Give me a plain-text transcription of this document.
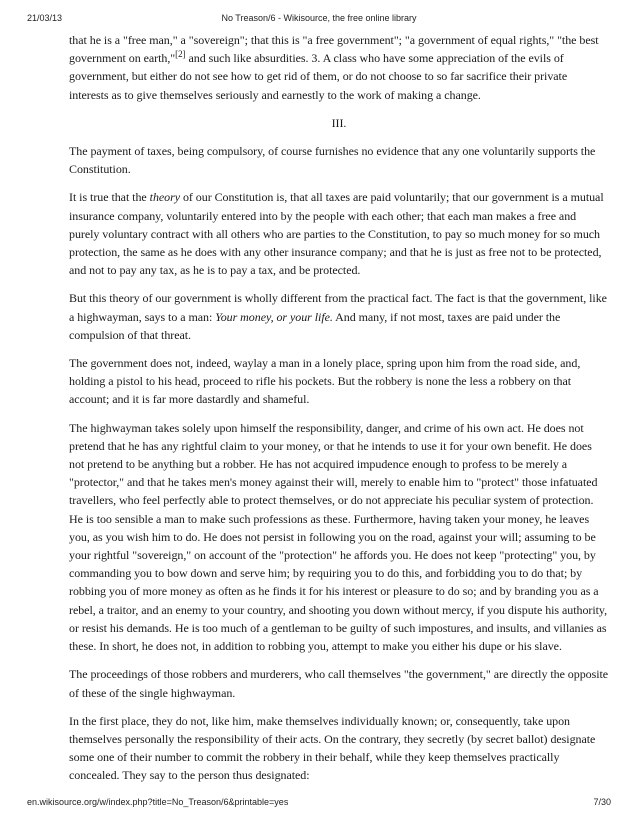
21/03/13	No Treason/6 - Wikisource, the free online library

that he is a "free man," a "sovereign"; that this is "a free government"; "a government of equal rights," "the best government on earth,"[2] and such like absurdities. 3. A class who have some appreciation of the evils of government, but either do not see how to get rid of them, or do not choose to so far sacrifice their private interests as to give themselves seriously and earnestly to the work of making a change.

III.

The payment of taxes, being compulsory, of course furnishes no evidence that any one voluntarily supports the Constitution.

It is true that the theory of our Constitution is, that all taxes are paid voluntarily; that our government is a mutual insurance company, voluntarily entered into by the people with each other; that each man makes a free and purely voluntary contract with all others who are parties to the Constitution, to pay so much money for so much protection, the same as he does with any other insurance company; and that he is just as free not to be protected, and not to pay any tax, as he is to pay a tax, and be protected.

But this theory of our government is wholly different from the practical fact. The fact is that the government, like a highwayman, says to a man: Your money, or your life. And many, if not most, taxes are paid under the compulsion of that threat.

The government does not, indeed, waylay a man in a lonely place, spring upon him from the road side, and, holding a pistol to his head, proceed to rifle his pockets. But the robbery is none the less a robbery on that account; and it is far more dastardly and shameful.

The highwayman takes solely upon himself the responsibility, danger, and crime of his own act. He does not pretend that he has any rightful claim to your money, or that he intends to use it for your own benefit. He does not pretend to be anything but a robber. He has not acquired impudence enough to profess to be merely a "protector," and that he takes men's money against their will, merely to enable him to "protect" those infatuated travellers, who feel perfectly able to protect themselves, or do not appreciate his peculiar system of protection. He is too sensible a man to make such professions as these. Furthermore, having taken your money, he leaves you, as you wish him to do. He does not persist in following you on the road, against your will; assuming to be your rightful "sovereign," on account of the "protection" he affords you. He does not keep "protecting" you, by commanding you to bow down and serve him; by requiring you to do this, and forbidding you to do that; by robbing you of more money as often as he finds it for his interest or pleasure to do so; and by branding you as a rebel, a traitor, and an enemy to your country, and shooting you down without mercy, if you dispute his authority, or resist his demands. He is too much of a gentleman to be guilty of such impostures, and insults, and villanies as these. In short, he does not, in addition to robbing you, attempt to make you either his dupe or his slave.

The proceedings of those robbers and murderers, who call themselves "the government," are directly the opposite of these of the single highwayman.

In the first place, they do not, like him, make themselves individually known; or, consequently, take upon themselves personally the responsibility of their acts. On the contrary, they secretly (by secret ballot) designate some one of their number to commit the robbery in their behalf, while they keep themselves practically concealed. They say to the person thus designated:

en.wikisource.org/w/index.php?title=No_Treason/6&printable=yes	7/30
